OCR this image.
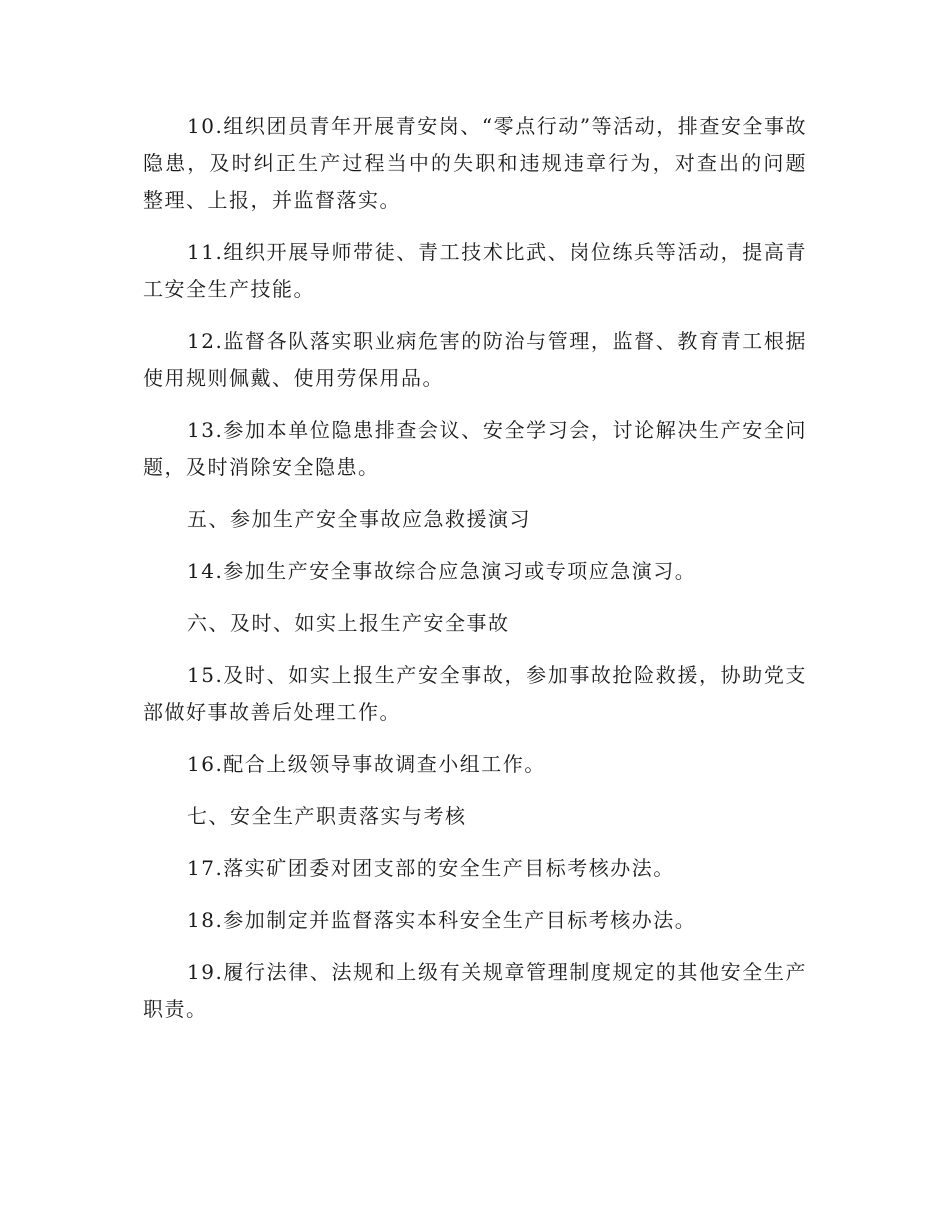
10.组织团员青年开展青安岗、“零点行动”等活动，排查安全事故隐患，及时纠正生产过程当中的失职和违规违章行为，对查出的问题整理、上报，并监督落实。

11.组织开展导师带徒、青工技术比武、岗位练兵等活动，提高青工安全生产技能。

12.监督各队落实职业病危害的防治与管理，监督、教育青工根据使用规则佩戴、使用劳保用品。

13.参加本单位隐患排查会议、安全学习会，讨论解决生产安全问题，及时消除安全隐患。

五、参加生产安全事故应急救援演习

14.参加生产安全事故综合应急演习或专项应急演习。

六、及时、如实上报生产安全事故

15.及时、如实上报生产安全事故，参加事故抢险救援，协助党支部做好事故善后处理工作。

16.配合上级领导事故调查小组工作。

七、安全生产职责落实与考核

17.落实矿团委对团支部的安全生产目标考核办法。

18.参加制定并监督落实本科安全生产目标考核办法。

19.履行法律、法规和上级有关规章管理制度规定的其他安全生产职责。
